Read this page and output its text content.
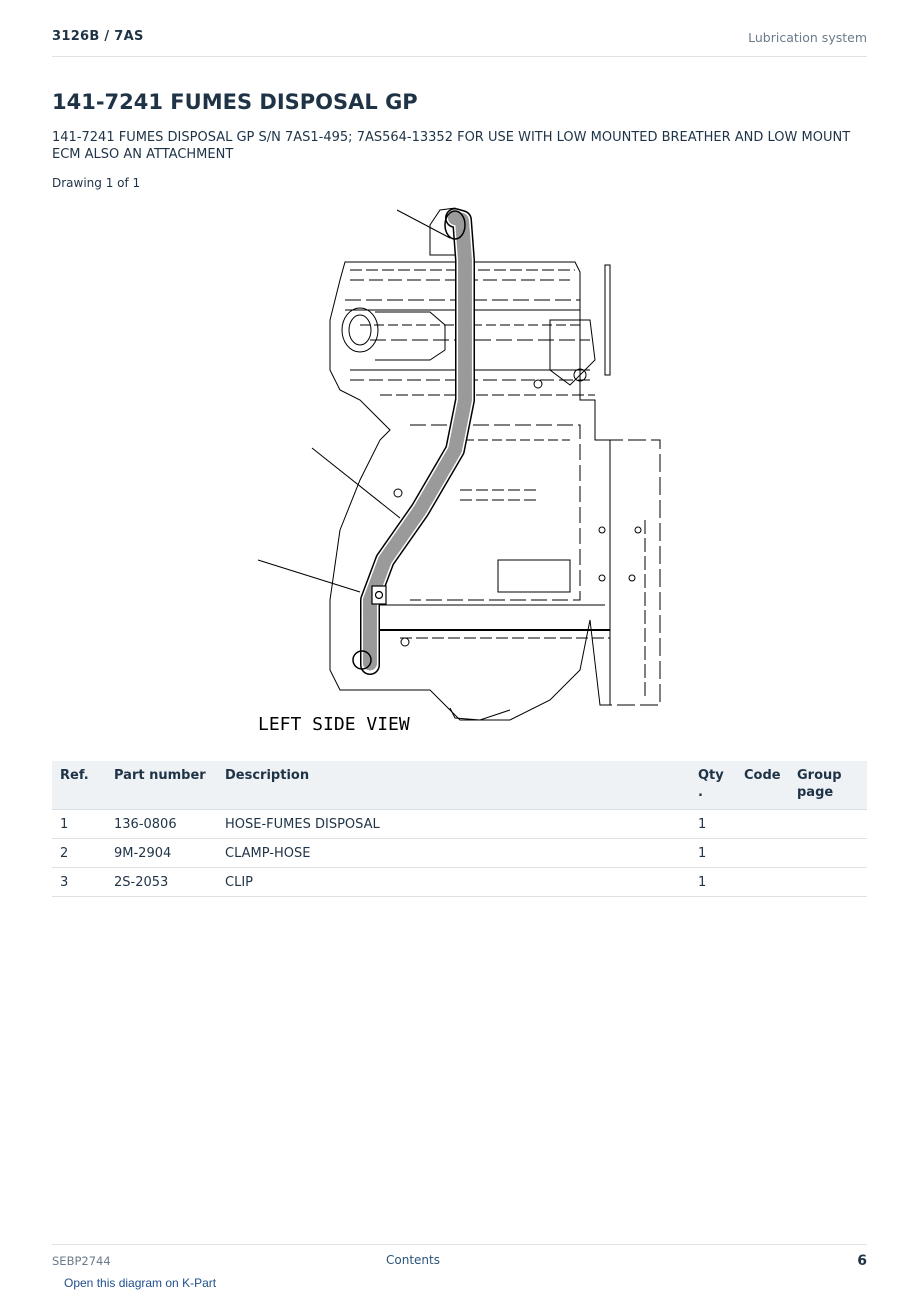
3126B / 7AS	Lubrication system
141-7241 FUMES DISPOSAL GP

141-7241 FUMES DISPOSAL GP S/N 7AS1-495; 7AS564-13352 FOR USE WITH LOW MOUNTED BREATHER AND LOW MOUNT ECM ALSO AN ATTACHMENT

Drawing 1 of 1
LEFT SIDE VIEW
Ref.	Part number	Description	Qty .	Code	Group page
1	136-0806	HOSE-FUMES DISPOSAL	1		
2	9M-2904	CLAMP-HOSE	1		
3	2S-2053	CLIP	1		
SEBP2744	Contents	6
Open this diagram on K-Part
